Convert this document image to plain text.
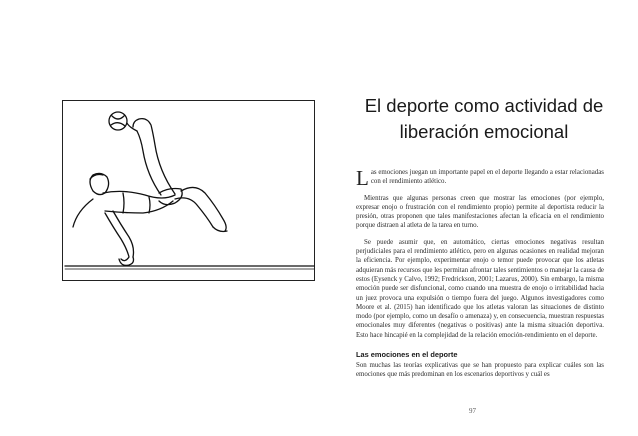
El deporte como actividad de liberación emocional

Las emociones juegan un importante papel en el deporte llegando a estar relacionadas con el rendimiento atlético.

Mientras que algunas personas creen que mostrar las emociones (por ejemplo, expresar enojo o frustración con el rendimiento propio) permite al deportista reducir la presión, otras proponen que tales manifestaciones afectan la eficacia en el rendimiento porque distraen al atleta de la tarea en turno.

Se puede asumir que, en automático, ciertas emociones negativas resultan perjudiciales para el rendimiento atlético, pero en algunas ocasiones en realidad mejoran la eficiencia. Por ejemplo, experimentar enojo o temor puede provocar que los atletas adquieran más recursos que les permitan afrontar tales sentimientos o manejar la causa de estos (Eysenck y Calvo, 1992; Fredrickson, 2001; Lazarus, 2000). Sin embargo, la misma emoción puede ser disfuncional, como cuando una muestra de enojo o irritabilidad hacia un juez provoca una expulsión o tiempo fuera del juego. Algunos investigadores como Moore et al. (2015) han identificado que los atletas valoran las situaciones de distinto modo (por ejemplo, como un desafío o amenaza) y, en consecuencia, muestran respuestas emocionales muy diferentes (negativas o positivas) ante la misma situación deportiva. Esto hace hincapié en la complejidad de la relación emoción-rendimiento en el deporte.

Las emociones en el deporte

Son muchas las teorías explicativas que se han propuesto para explicar cuáles son las emociones que más predominan en los escenarios deportivos y cuál es

97
